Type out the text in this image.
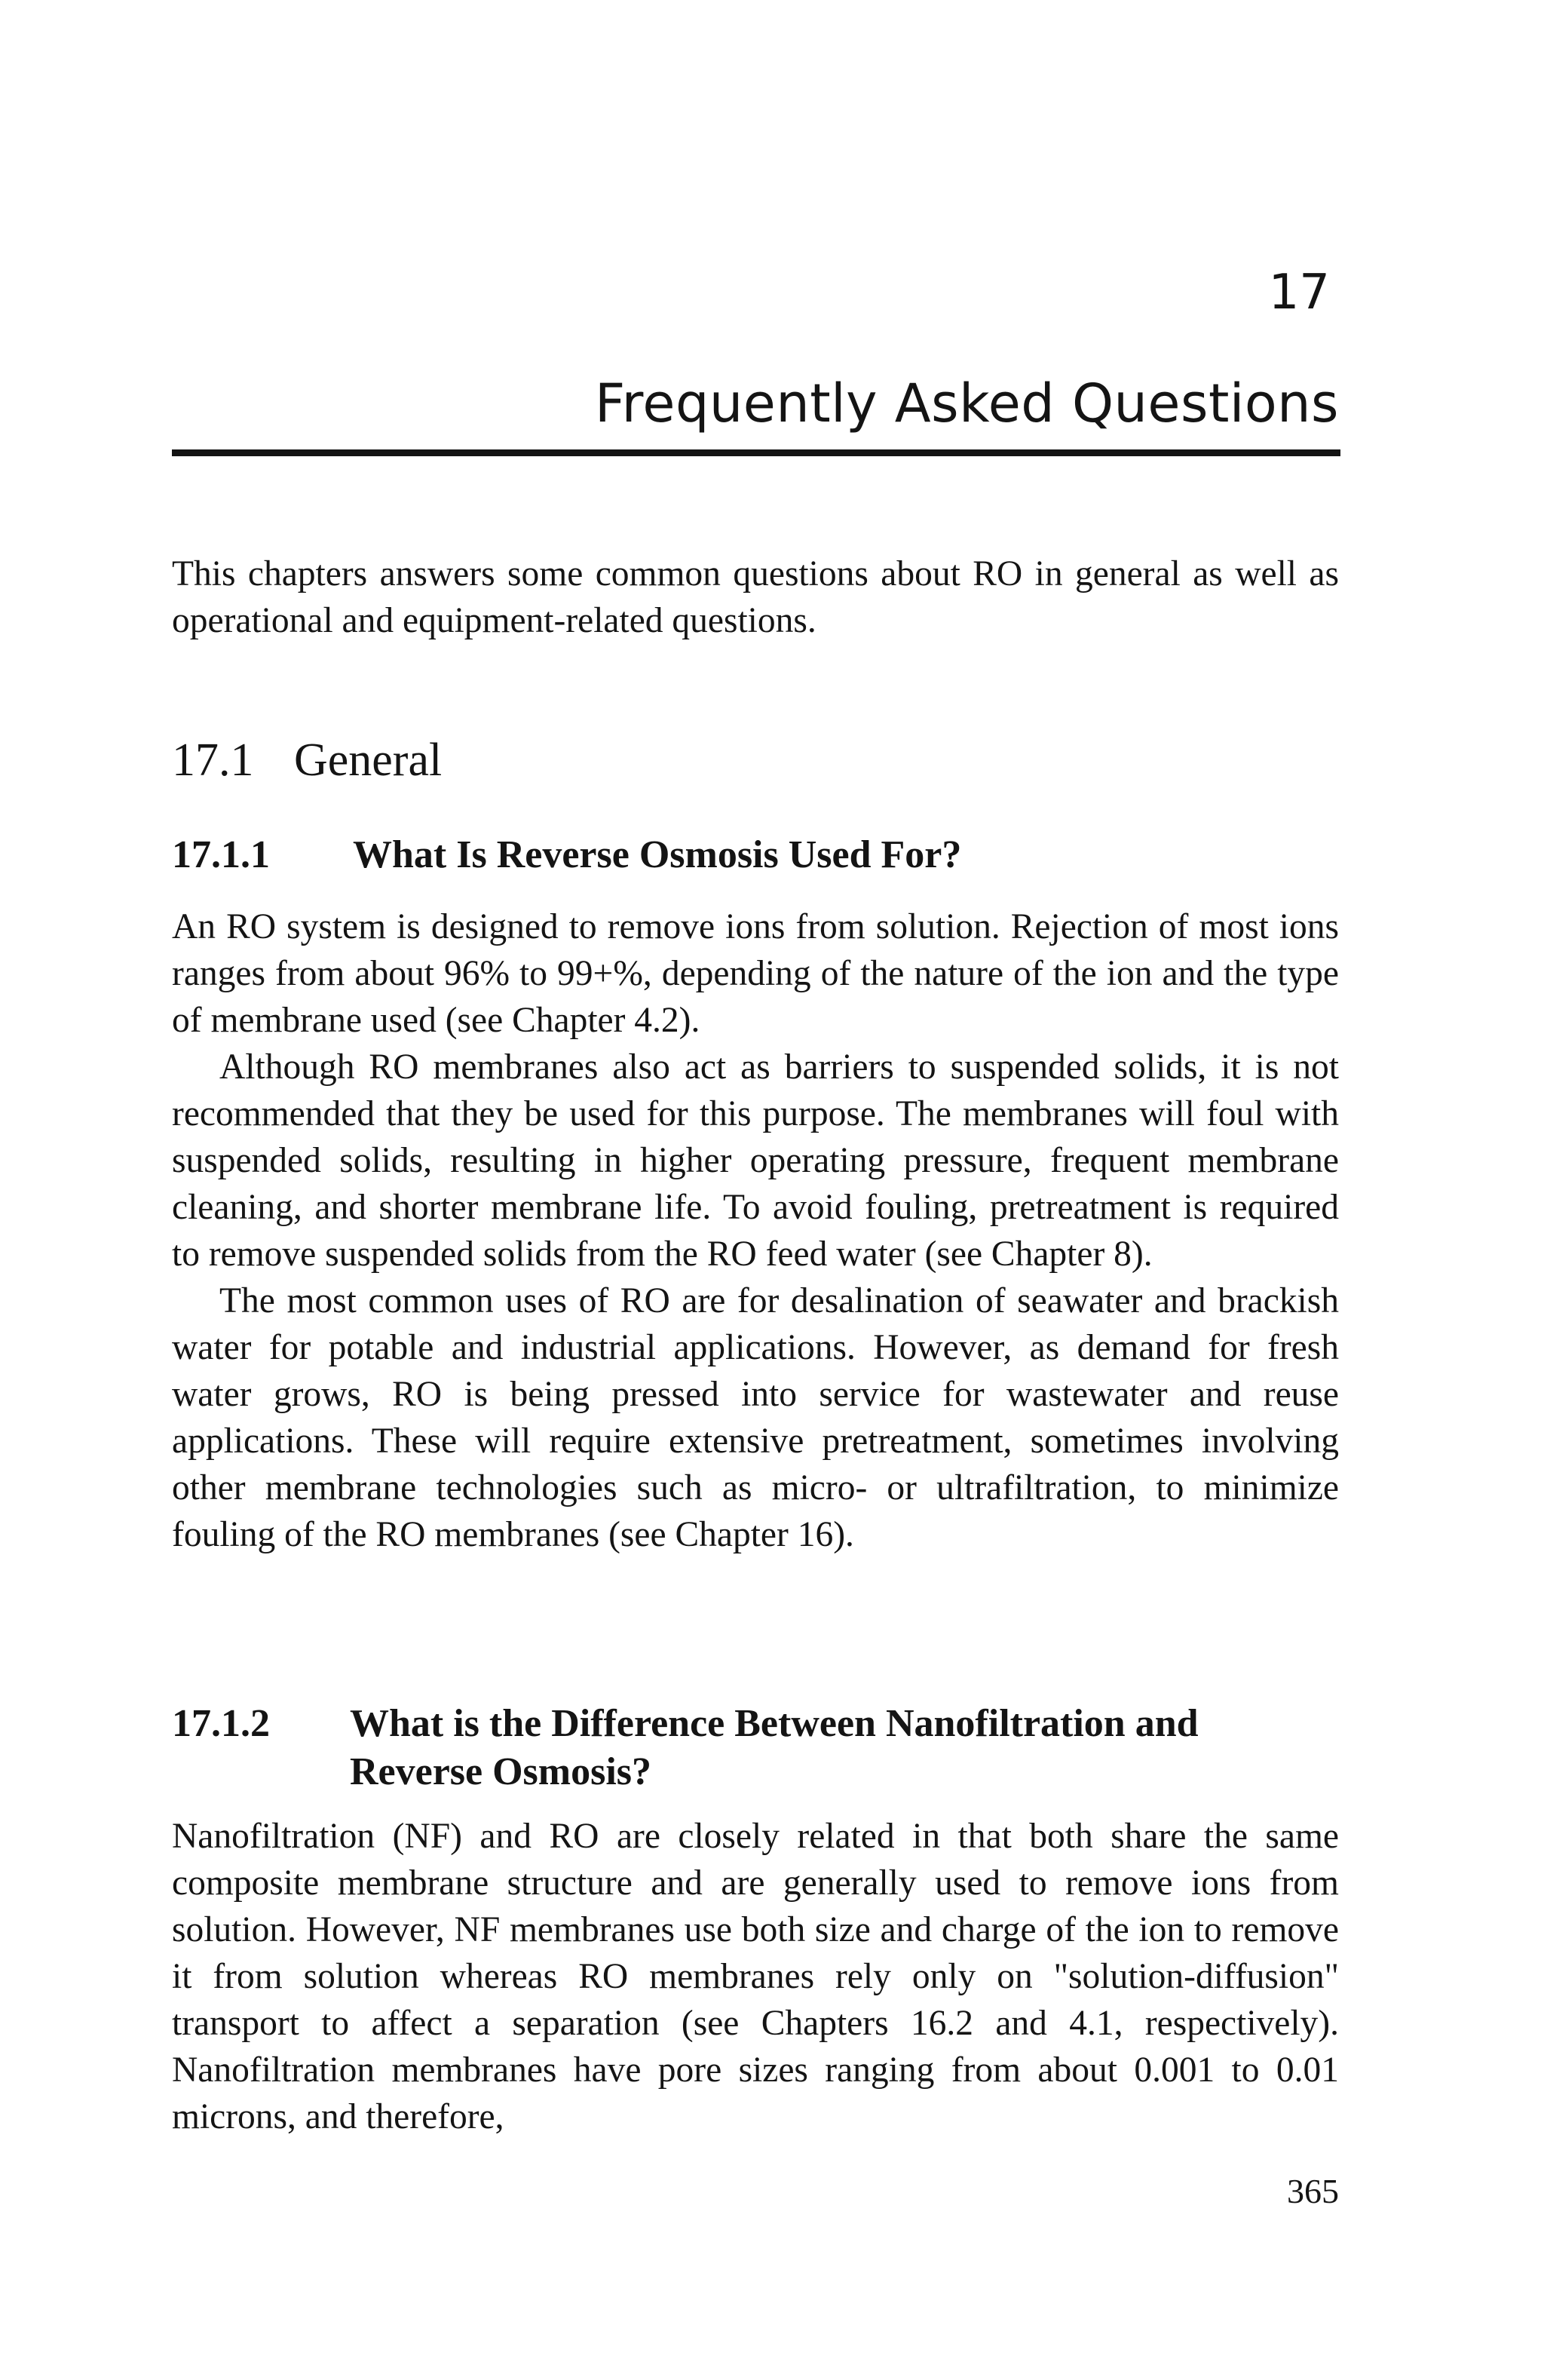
17
Frequently Asked Questions

This chapters answers some common questions about RO in general as well as operational and equipment-related questions.

17.1 General
17.1.1	What Is Reverse Osmosis Used For?

An RO system is designed to remove ions from solution. Rejection of most ions ranges from about 96% to 99+%, depending of the nature of the ion and the type of membrane used (see Chapter 4.2).

Although RO membranes also act as barriers to suspended solids, it is not recommended that they be used for this purpose. The membranes will foul with suspended solids, resulting in higher operating pressure, frequent membrane cleaning, and shorter membrane life. To avoid fouling, pretreatment is required to remove suspended solids from the RO feed water (see Chapter 8).

The most common uses of RO are for desalination of seawater and brackish water for potable and industrial applications. However, as demand for fresh water grows, RO is being pressed into service for wastewater and reuse applications. These will require extensive pretreatment, sometimes involving other membrane technologies such as micro- or ultrafiltration, to minimize fouling of the RO membranes (see Chapter 16).

17.1.2	What is the Difference Between Nanofiltration and Reverse Osmosis?

Nanofiltration (NF) and RO are closely related in that both share the same composite membrane structure and are generally used to remove ions from solution. However, NF membranes use both size and charge of the ion to remove it from solution whereas RO membranes rely only on "solution-diffusion" transport to affect a separation (see Chapters 16.2 and 4.1, respectively). Nanofiltration membranes have pore sizes ranging from about 0.001 to 0.01 microns, and therefore,

365
